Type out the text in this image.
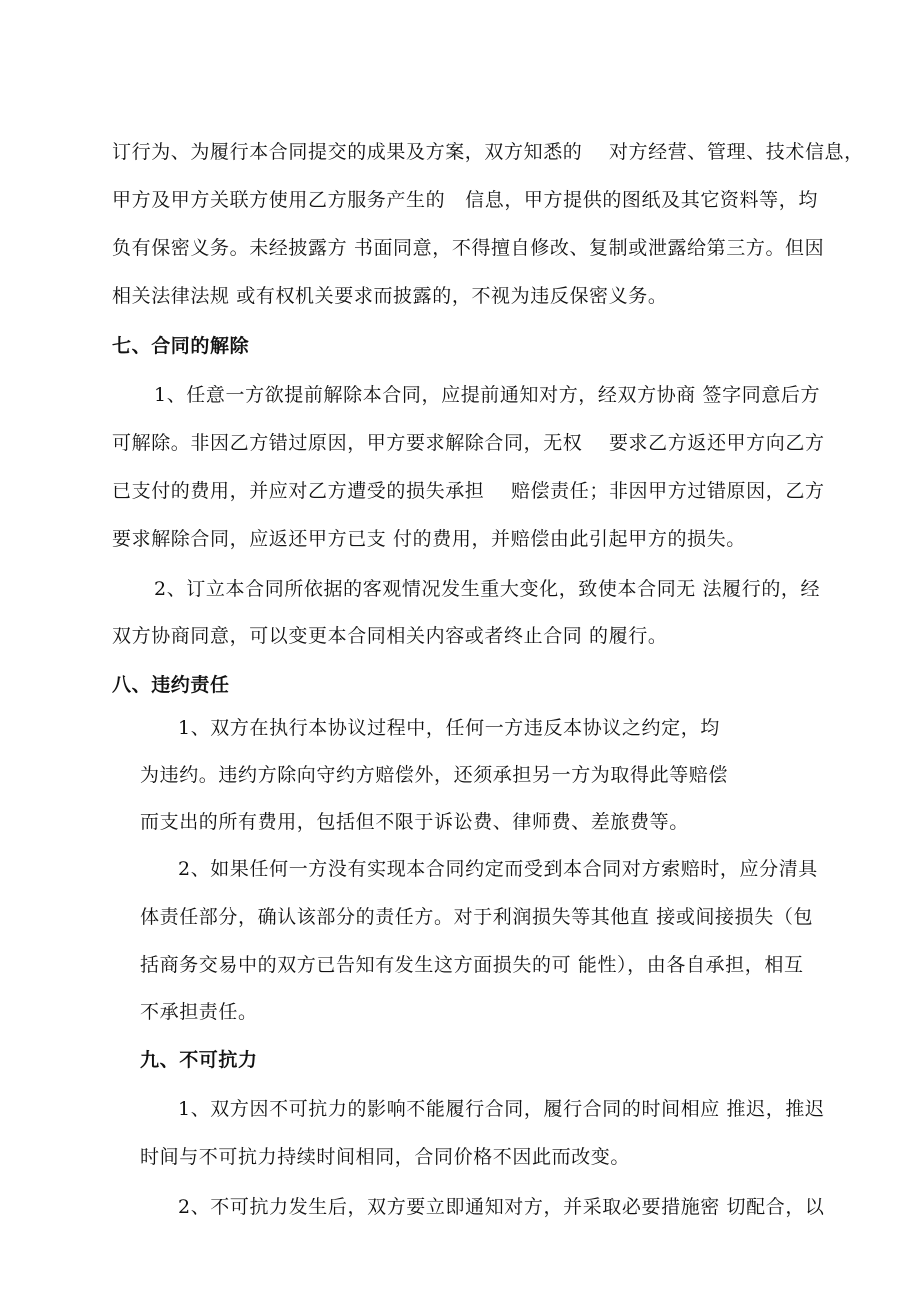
订行为、为履行本合同提交的成果及方案，双方知悉的    对方经营、管理、技术信息，
甲方及甲方关联方使用乙方服务产生的   信息，甲方提供的图纸及其它资料等，均
负有保密义务。未经披露方 书面同意，不得擅自修改、复制或泄露给第三方。但因
相关法律法规 或有权机关要求而披露的，不视为违反保密义务。
七、合同的解除
1、任意一方欲提前解除本合同，应提前通知对方，经双方协商 签字同意后方
可解除。非因乙方错过原因，甲方要求解除合同，无权    要求乙方返还甲方向乙方
已支付的费用，并应对乙方遭受的损失承担    赔偿责任；非因甲方过错原因，乙方
要求解除合同，应返还甲方已支 付的费用，并赔偿由此引起甲方的损失。
2、订立本合同所依据的客观情况发生重大变化，致使本合同无 法履行的，经
双方协商同意，可以变更本合同相关内容或者终止合同 的履行。
八、违约责任
1、双方在执行本协议过程中，任何一方违反本协议之约定，均
为违约。违约方除向守约方赔偿外，还须承担另一方为取得此等赔偿
而支出的所有费用，包括但不限于诉讼费、律师费、差旅费等。
2、如果任何一方没有实现本合同约定而受到本合同对方索赔时，应分清具
体责任部分，确认该部分的责任方。对于利润损失等其他直 接或间接损失（包
括商务交易中的双方已告知有发生这方面损失的可 能性），由各自承担，相互
不承担责任。
九、不可抗力
1、双方因不可抗力的影响不能履行合同，履行合同的时间相应 推迟，推迟
时间与不可抗力持续时间相同，合同价格不因此而改变。
2、不可抗力发生后，双方要立即通知对方，并采取必要措施密 切配合，以
